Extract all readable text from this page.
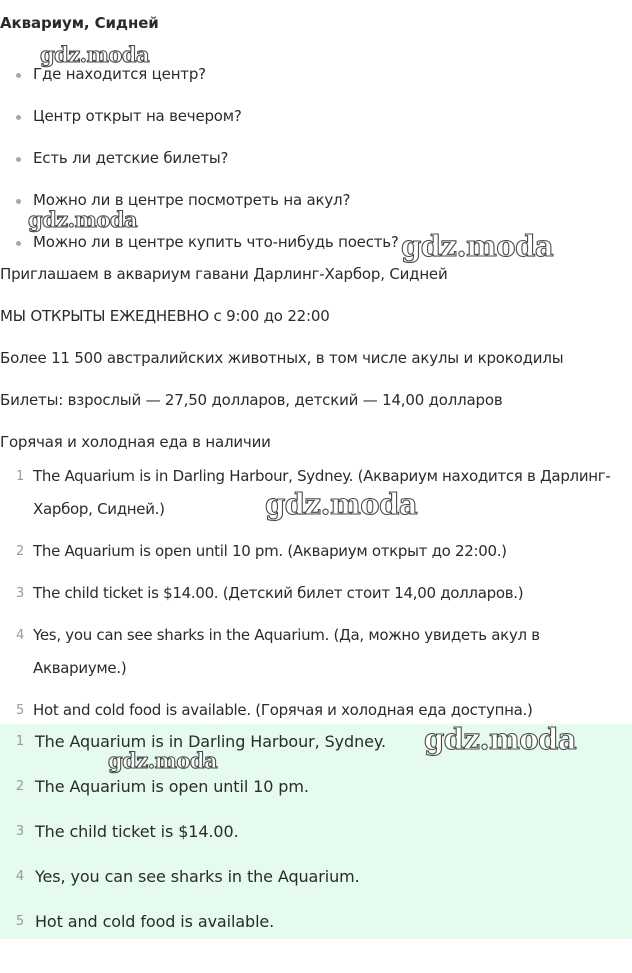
Аквариум, Сидней
Где находится центр?
Центр открыт на вечером?
Есть ли детские билеты?
Можно ли в центре посмотреть на акул?
Можно ли в центре купить что-нибудь поесть?

Приглашаем в аквариум гавани Дарлинг-Харбор, Сидней

МЫ ОТКРЫТЫ ЕЖЕДНЕВНО с 9:00 до 22:00

Более 11 500 австралийских животных, в том числе акулы и крокодилы

Билеты: взрослый — 27,50 долларов, детский — 14,00 долларов

Горячая и холодная еда в наличии

1 The Aquarium is in Darling Harbour, Sydney. (Аквариум находится в Дарлинг-Харбор, Сидней.)
2 The Aquarium is open until 10 pm. (Аквариум открыт до 22:00.)
3 The child ticket is $14.00. (Детский билет стоит 14,00 долларов.)
4 Yes, you can see sharks in the Aquarium. (Да, можно увидеть акул в Аквариуме.)
5 Hot and cold food is available. (Горячая и холодная еда доступна.)
1 The Aquarium is in Darling Harbour, Sydney.
2 The Aquarium is open until 10 pm.
3 The child ticket is $14.00.
4 Yes, you can see sharks in the Aquarium.
5 Hot and cold food is available.
gdz.moda
gdz.moda
gdz.moda
gdz.moda
gdz.moda
gdz.moda
